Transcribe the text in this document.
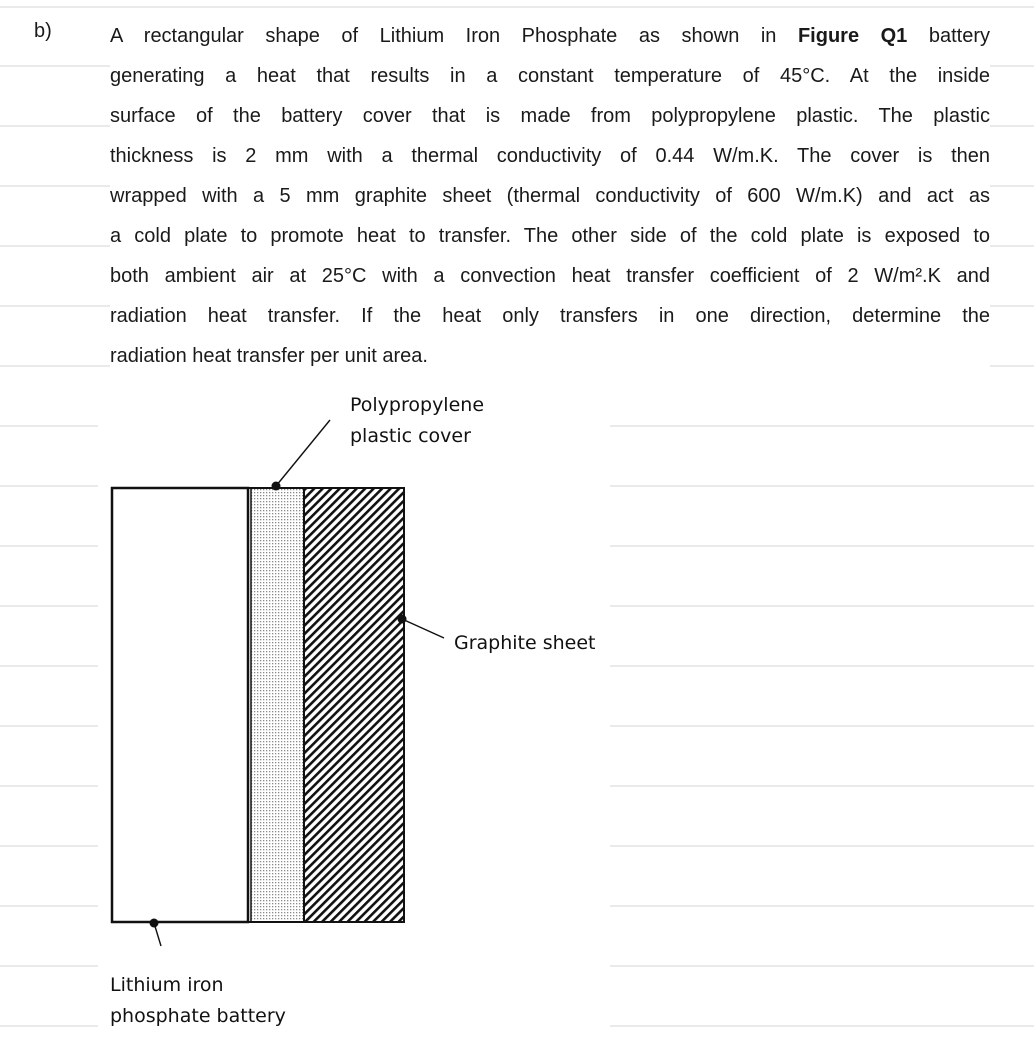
b)	A rectangular shape of Lithium Iron Phosphate as shown in Figure Q1 battery
generating a heat that results in a constant temperature of 45°C. At the inside
surface of the battery cover that is made from polypropylene plastic. The plastic
thickness is 2 mm with a thermal conductivity of 0.44 W/m.K. The cover is then
wrapped with a 5 mm graphite sheet (thermal conductivity of 600 W/m.K) and act as
a cold plate to promote heat to transfer. The other side of the cold plate is exposed to
both ambient air at 25°C with a convection heat transfer coefficient of 2 W/m².K and
radiation heat transfer. If the heat only transfers in one direction, determine the
radiation heat transfer per unit area.
Polypropylene
plastic cover
Graphite sheet
Lithium iron
phosphate battery
